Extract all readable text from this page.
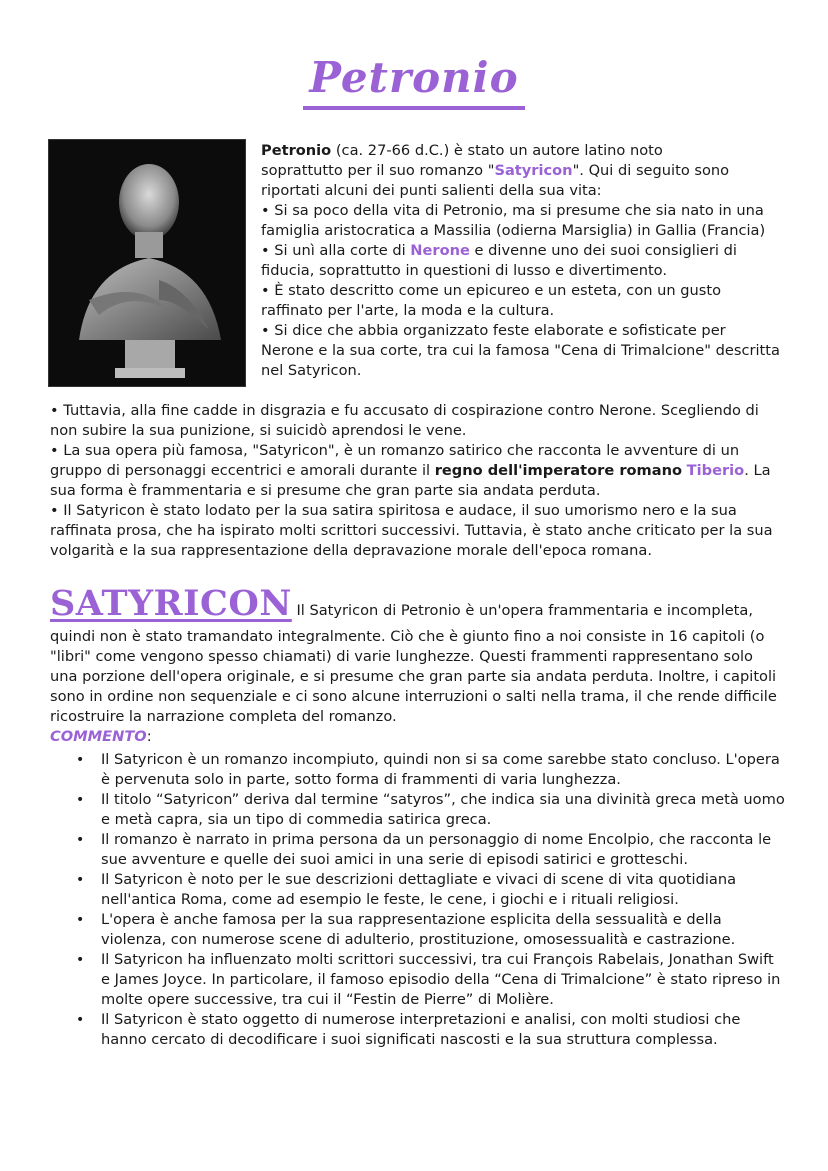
Petronio

Petronio (ca. 27-66 d.C.) è stato un autore latino noto

soprattutto per il suo romanzo "Satyricon". Qui di seguito sono

riportati alcuni dei punti salienti della sua vita:

• Si sa poco della vita di Petronio, ma si presume che sia nato in una famiglia aristocratica a Massilia (odierna Marsiglia) in Gallia (Francia)

• Si unì alla corte di Nerone e divenne uno dei suoi consiglieri di fiducia, soprattutto in questioni di lusso e divertimento.

• È stato descritto come un epicureo e un esteta, con un gusto raffinato per l'arte, la moda e la cultura.

• Si dice che abbia organizzato feste elaborate e sofisticate per Nerone e la sua corte, tra cui la famosa "Cena di Trimalcione" descritta nel Satyricon.

• Tuttavia, alla fine cadde in disgrazia e fu accusato di cospirazione contro Nerone. Scegliendo di non subire la sua punizione, si suicidò aprendosi le vene.

• La sua opera più famosa, "Satyricon", è un romanzo satirico che racconta le avventure di un gruppo di personaggi eccentrici e amorali durante il regno dell'imperatore romano Tiberio. La sua forma è frammentaria e si presume che gran parte sia andata perduta.

• Il Satyricon è stato lodato per la sua satira spiritosa e audace, il suo umorismo nero e la sua raffinata prosa, che ha ispirato molti scrittori successivi. Tuttavia, è stato anche criticato per la sua volgarità e la sua rappresentazione della depravazione morale dell'epoca romana.

SATYRICON Il Satyricon di Petronio è un'opera frammentaria e incompleta,

quindi non è stato tramandato integralmente. Ciò che è giunto fino a noi consiste in 16 capitoli (o "libri" come vengono spesso chiamati) di varie lunghezze. Questi frammenti rappresentano solo una porzione dell'opera originale, e si presume che gran parte sia andata perduta. Inoltre, i capitoli sono in ordine non sequenziale e ci sono alcune interruzioni o salti nella trama, il che rende difficile ricostruire la narrazione completa del romanzo.

COMMENTO:

• Il Satyricon è un romanzo incompiuto, quindi non si sa come sarebbe stato concluso. L'opera è pervenuta solo in parte, sotto forma di frammenti di varia lunghezza.
• Il titolo “Satyricon” deriva dal termine “satyros”, che indica sia una divinità greca metà uomo e metà capra, sia un tipo di commedia satirica greca.
• Il romanzo è narrato in prima persona da un personaggio di nome Encolpio, che racconta le sue avventure e quelle dei suoi amici in una serie di episodi satirici e grotteschi.
• Il Satyricon è noto per le sue descrizioni dettagliate e vivaci di scene di vita quotidiana nell'antica Roma, come ad esempio le feste, le cene, i giochi e i rituali religiosi.
• L'opera è anche famosa per la sua rappresentazione esplicita della sessualità e della violenza, con numerose scene di adulterio, prostituzione, omosessualità e castrazione.
• Il Satyricon ha influenzato molti scrittori successivi, tra cui François Rabelais, Jonathan Swift e James Joyce. In particolare, il famoso episodio della “Cena di Trimalcione” è stato ripreso in molte opere successive, tra cui il “Festin de Pierre” di Molière.
• Il Satyricon è stato oggetto di numerose interpretazioni e analisi, con molti studiosi che hanno cercato di decodificare i suoi significati nascosti e la sua struttura complessa.
